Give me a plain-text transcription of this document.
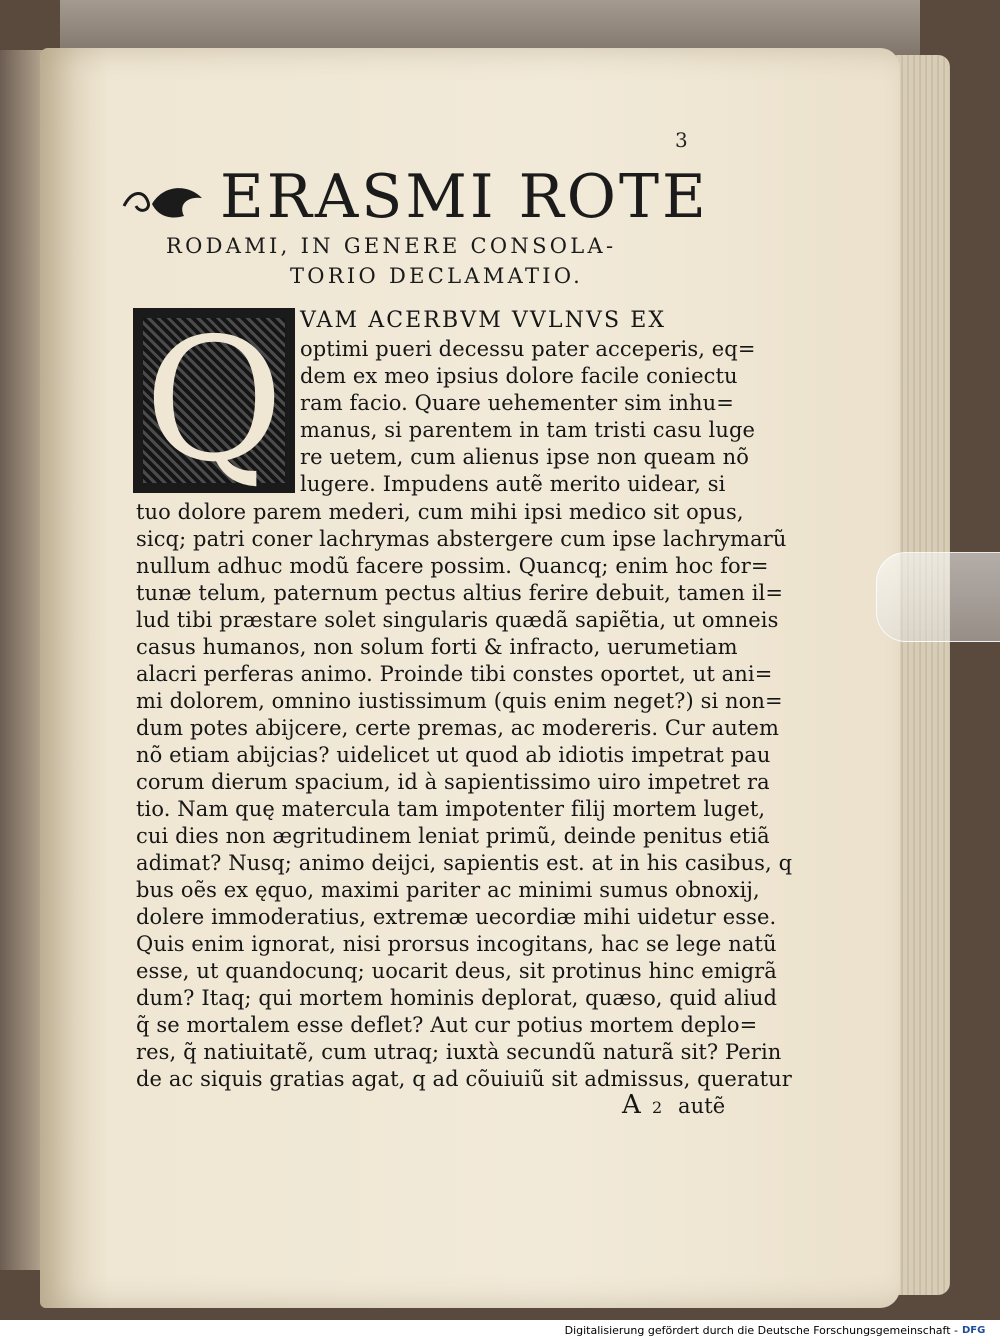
3
ERASMI ROTE
RODAMI, IN GENERE CONSOLA-
TORIO DECLAMATIO.
Q VAM ACERBVM VVLNVS EX
optimi pueri decessu pater acceperis, eq=
dem ex meo ipsius dolore facile coniectu
ram facio. Quare uehementer sim inhu=
manus, si parentem in tam tristi casu luge
re uetem, cum alienus ipse non queam nõ
lugere. Impudens autẽ merito uidear, si
tuo dolore parem mederi, cum mihi ipsi medico sit opus,
sicq; patri coner lachrymas abstergere cum ipse lachrymarũ
nullum adhuc modũ facere possim. Quancq; enim hoc for=
tunæ telum, paternum pectus altius ferire debuit, tamen il=
lud tibi præstare solet singularis quædã sapiẽtia, ut omneis
casus humanos, non solum forti & infracto, uerumetiam
alacri perferas animo. Proinde tibi constes oportet, ut ani=
mi dolorem, omnino iustissimum (quis enim neget?) si non=
dum potes abijcere, certe premas, ac modereris. Cur autem
nõ etiam abijcias? uidelicet ut quod ab idiotis impetrat pau
corum dierum spacium, id à sapientissimo uiro impetret ra
tio. Nam quę matercula tam impotenter filij mortem luget,
cui dies non ægritudinem leniat primũ, deinde penitus etiã
adimat? Nusq; animo deijci, sapientis est. at in his casibus, q
bus oẽs ex ęquo, maximi pariter ac minimi sumus obnoxij,
dolere immoderatius, extremæ uecordiæ mihi uidetur esse.
Quis enim ignorat, nisi prorsus incogitans, hac se lege natũ
esse, ut quandocunq; uocarit deus, sit protinus hinc emigrã
dum? Itaq; qui mortem hominis deplorat, quæso, quid aliud
q̃ se mortalem esse deflet? Aut cur potius mortem deplo=
res, q̃ natiuitatẽ, cum utraq; iuxtà secundũ naturã sit? Perin
de ac siquis gratias agat, q ad cõuiuiũ sit admissus, queratur
A 2 autẽ
Digitalisierung gefördert durch die Deutsche Forschungsgemeinschaft - DFG
